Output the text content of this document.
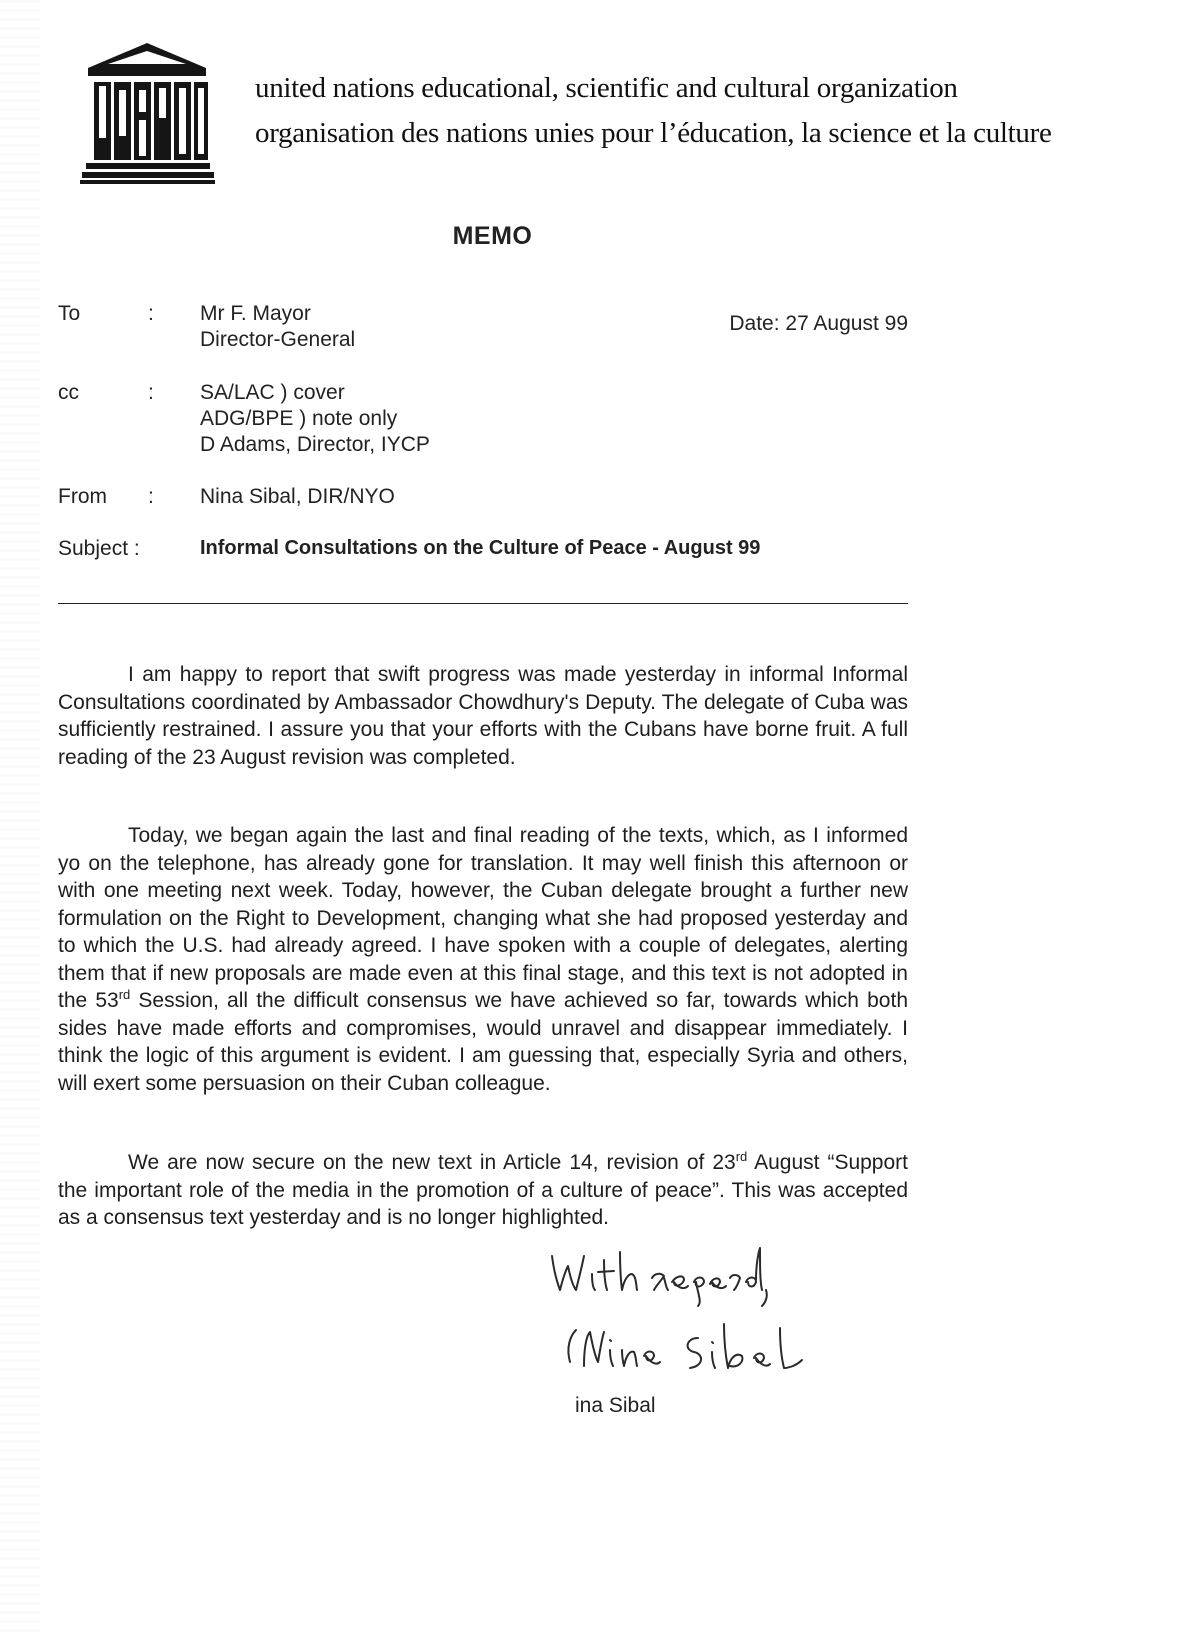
united nations educational, scientific and cultural organization
organisation des nations unies pour l’éducation, la science et la culture
MEMO
To	: Mr F. Mayor
Director-General
Date: 27 August 99
cc	: SA/LAC ) cover
ADG/BPE ) note only
D Adams, Director, IYCP
From : Nina Sibal, DIR/NYO
Subject :	Informal Consultations on the Culture of Peace - August 99

I am happy to report that swift progress was made yesterday in informal Informal Consultations coordinated by Ambassador Chowdhury's Deputy. The delegate of Cuba was sufficiently restrained. I assure you that your efforts with the Cubans have borne fruit. A full reading of the 23 August revision was completed.

Today, we began again the last and final reading of the texts, which, as I informed yo on the telephone, has already gone for translation. It may well finish this afternoon or with one meeting next week. Today, however, the Cuban delegate brought a further new formulation on the Right to Development, changing what she had proposed yesterday and to which the U.S. had already agreed. I have spoken with a couple of delegates, alerting them that if new proposals are made even at this final stage, and this text is not adopted in the 53rd Session, all the difficult consensus we have achieved so far, towards which both sides have made efforts and compromises, would unravel and disappear immediately. I think the logic of this argument is evident. I am guessing that, especially Syria and others, will exert some persuasion on their Cuban colleague.

We are now secure on the new text in Article 14, revision of 23rd August “Support the important role of the media in the promotion of a culture of peace”. This was accepted as a consensus text yesterday and is no longer highlighted.

ina Sibal
